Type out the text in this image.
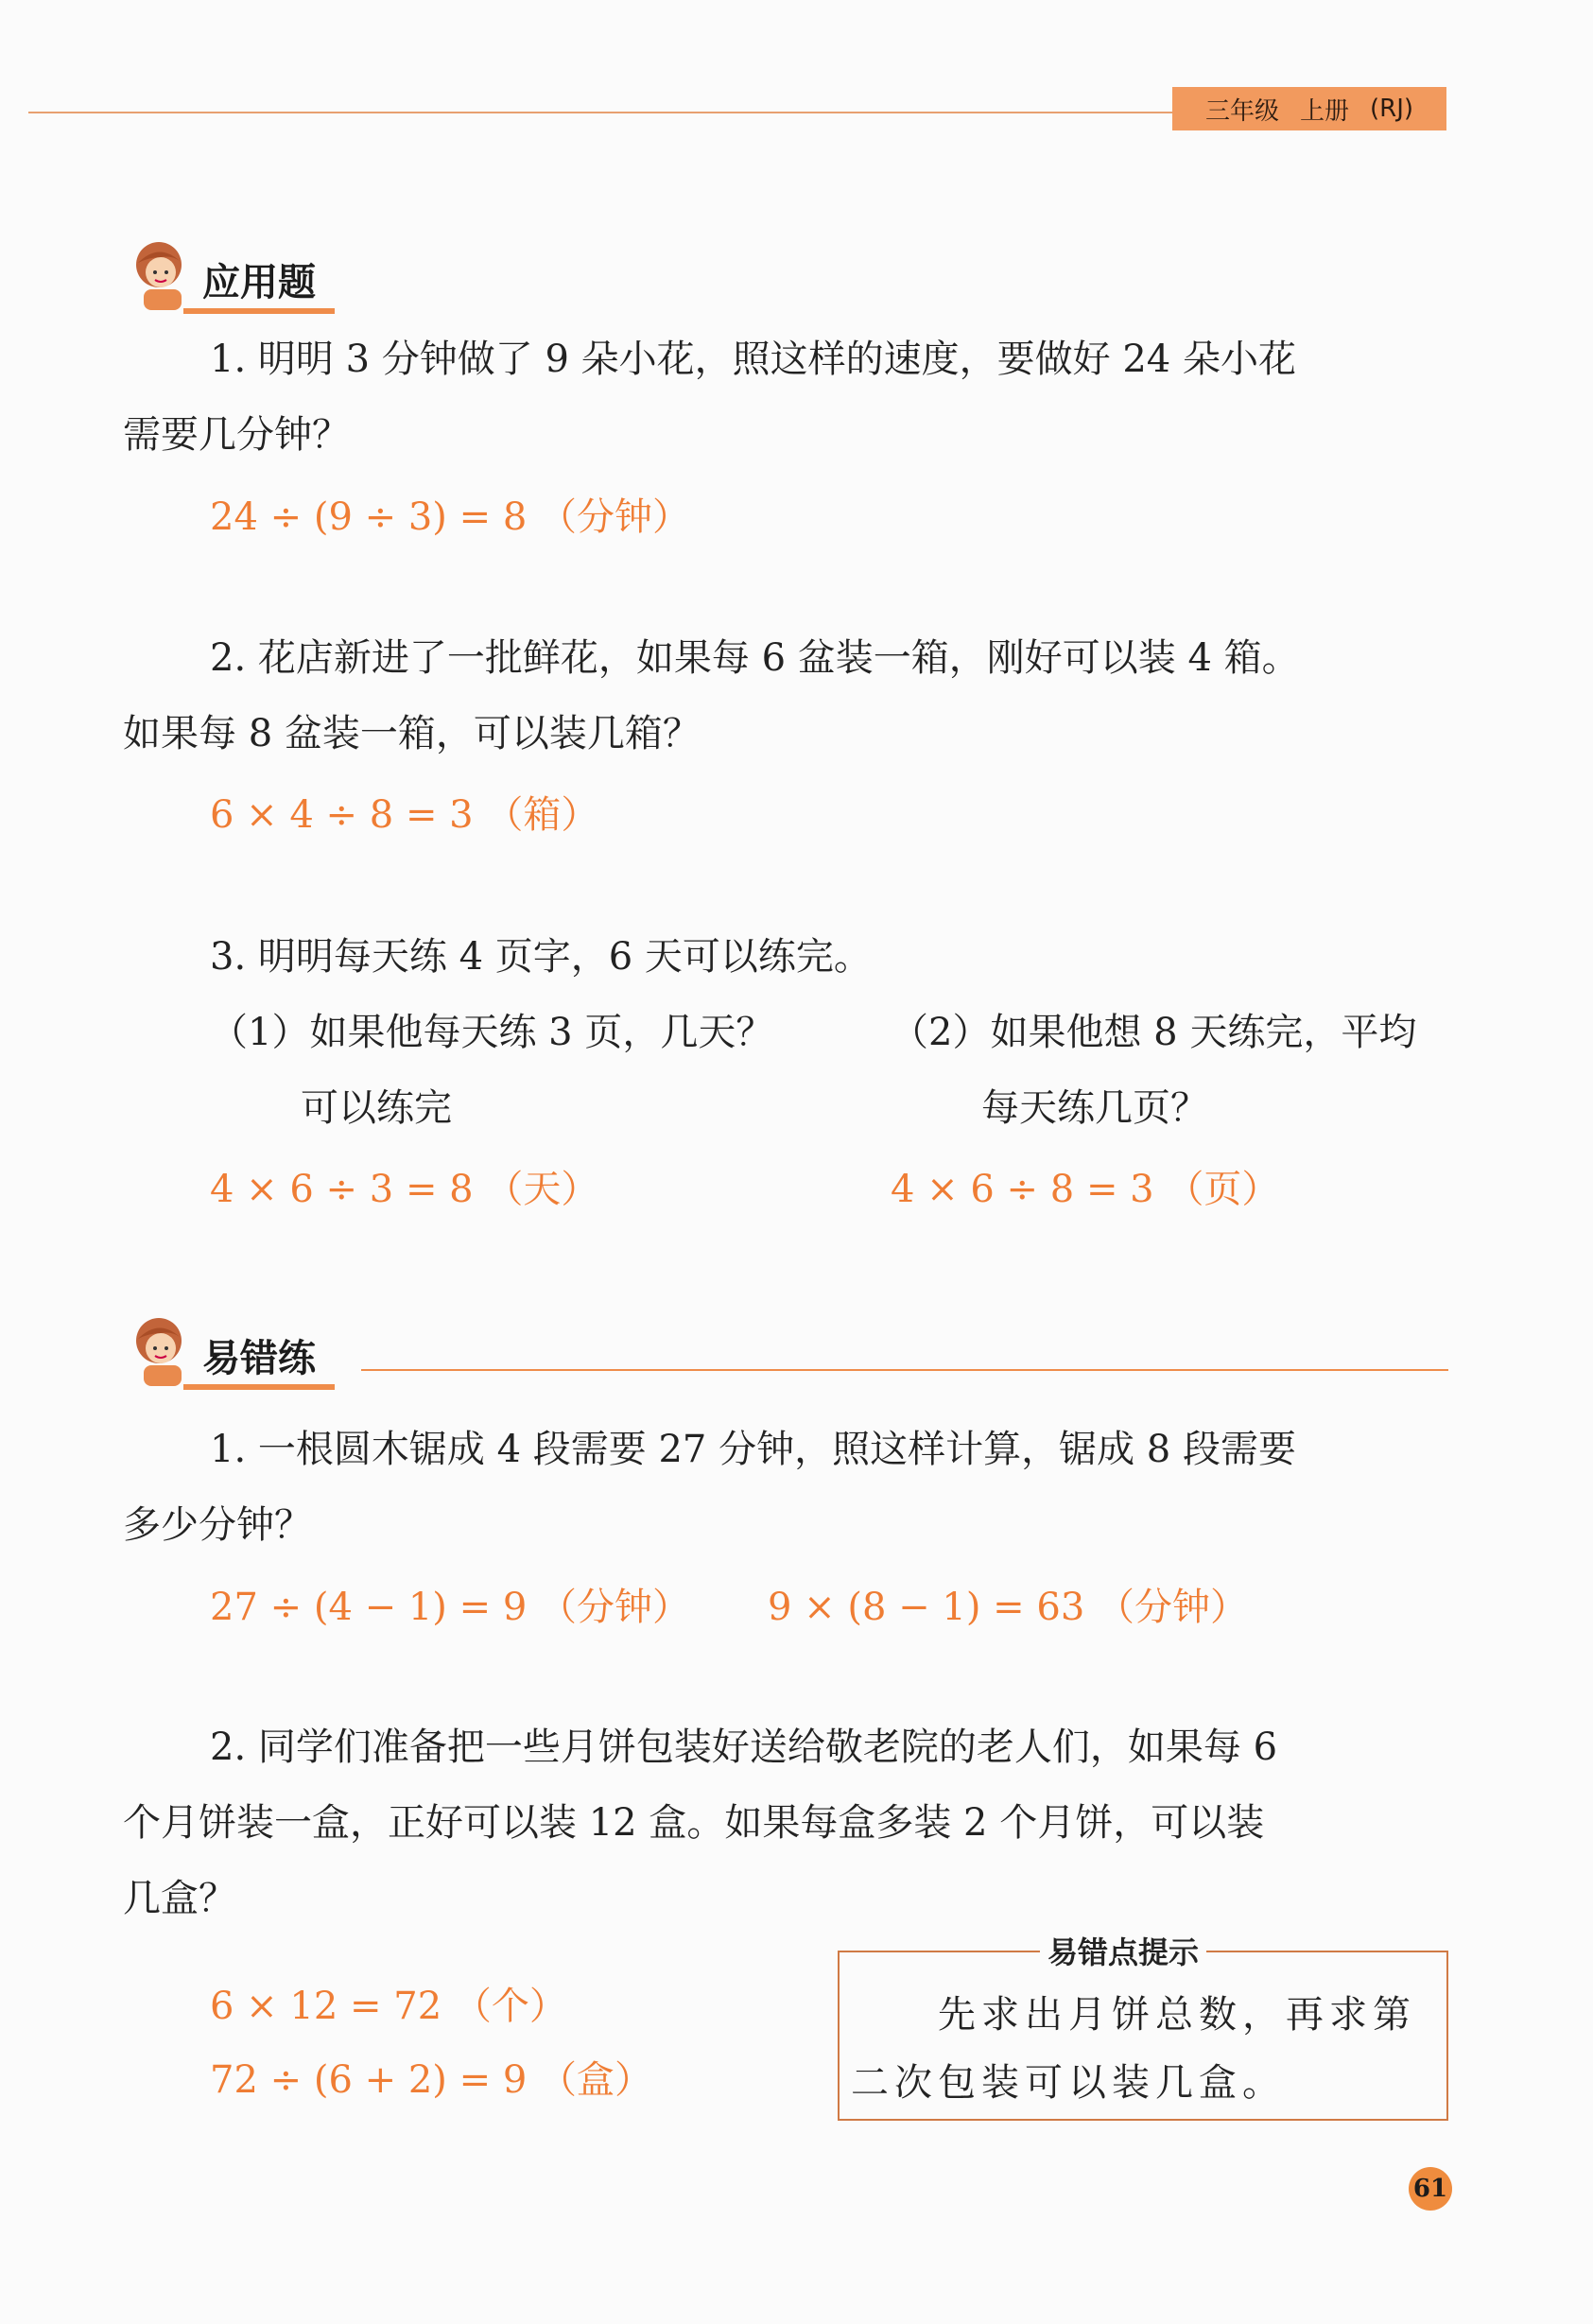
三年级 上册 (RJ)
应用题
1. 明明 3 分钟做了 9 朵小花，照这样的速度，要做好 24 朵小花
需要几分钟？
24 ÷ (9 ÷ 3) = 8 （分钟）
2. 花店新进了一批鲜花，如果每 6 盆装一箱，刚好可以装 4 箱。
如果每 8 盆装一箱，可以装几箱？
6 × 4 ÷ 8 = 3 （箱）
3. 明明每天练 4 页字，6 天可以练完。
（1）如果他每天练 3 页，几天？
可以练完
4 × 6 ÷ 3 = 8 （天）
（2）如果他想 8 天练完，平均
每天练几页？
4 × 6 ÷ 8 = 3 （页）
易错练
1. 一根圆木锯成 4 段需要 27 分钟，照这样计算，锯成 8 段需要
多少分钟？
27 ÷ (4 − 1) = 9 （分钟） 9 × (8 − 1) = 63 （分钟）
2. 同学们准备把一些月饼包装好送给敬老院的老人们，如果每 6
个月饼装一盒，正好可以装 12 盒。如果每盒多装 2 个月饼，可以装
几盒？
6 × 12 = 72 （个）
72 ÷ (6 + 2) = 9 （盒）
易错点提示
先求出月饼总数，再求第
二次包装可以装几盒。
61
